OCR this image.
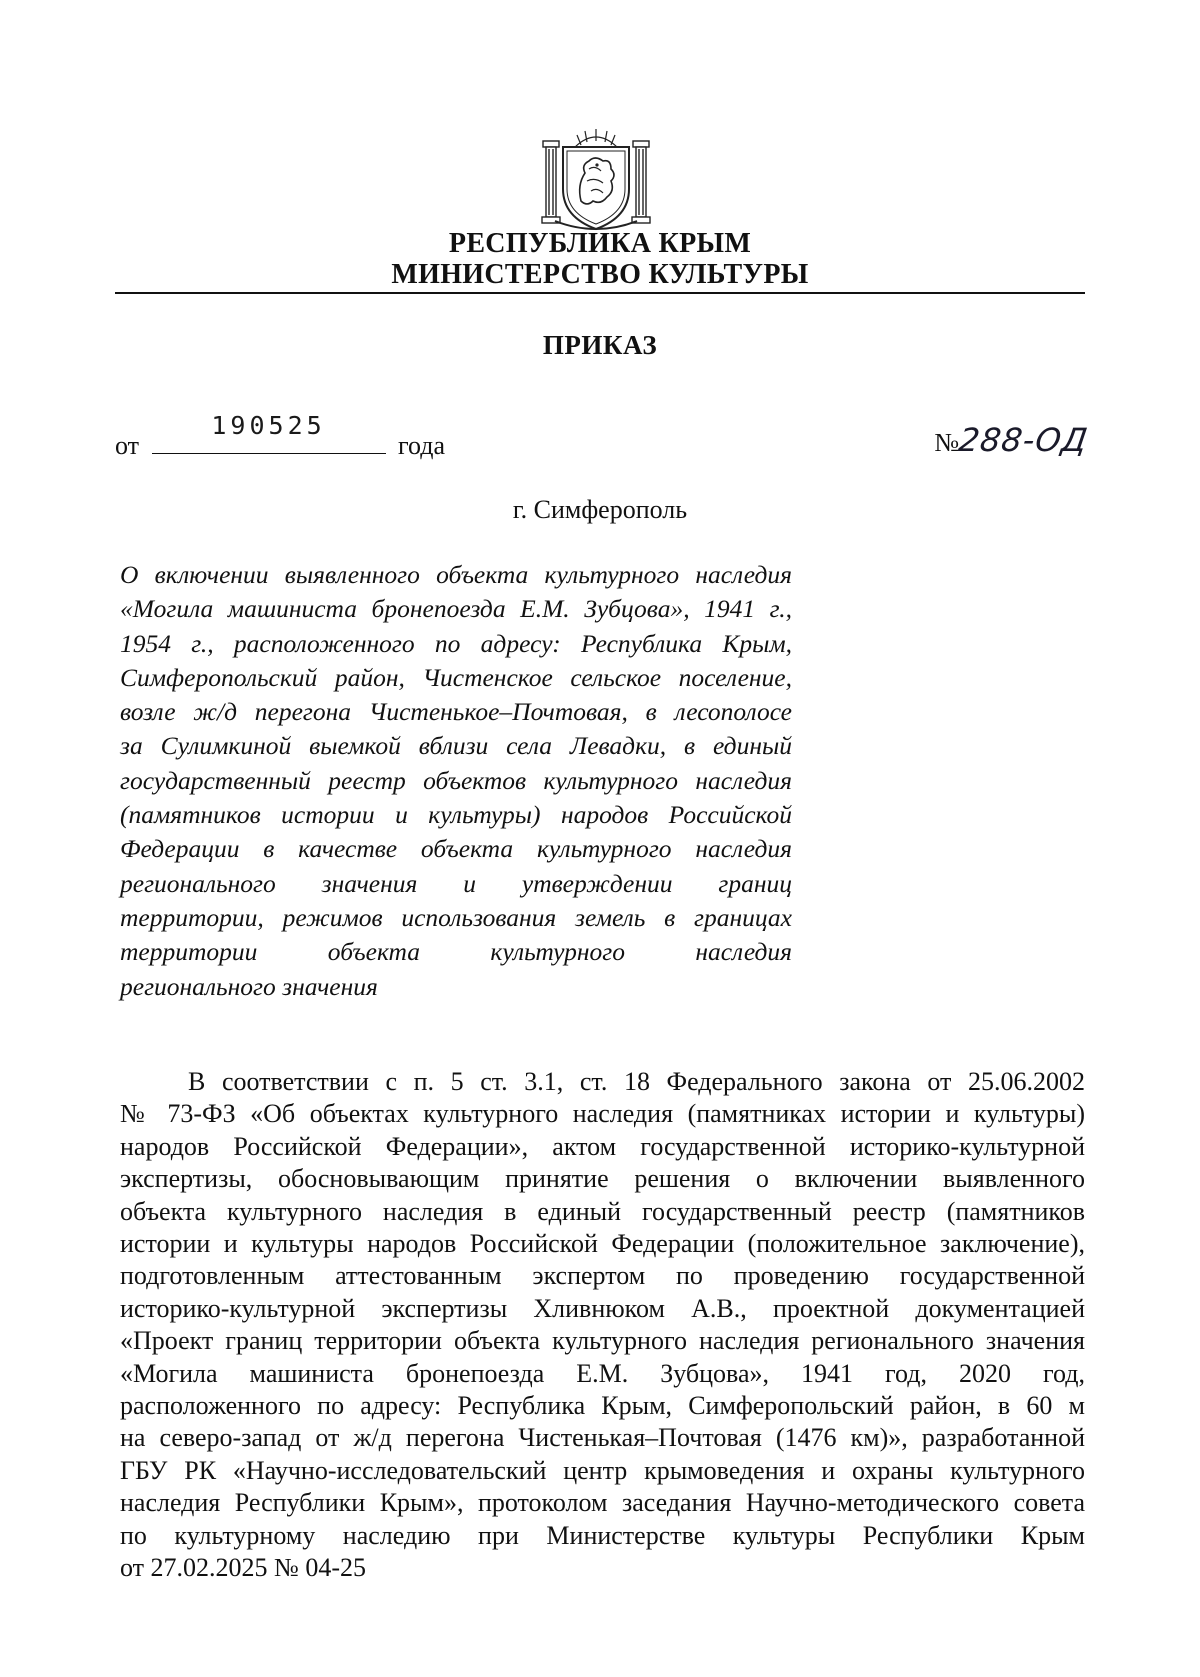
РЕСПУБЛИКА КРЫМ
МИНИСТЕРСТВО КУЛЬТУРЫ
ПРИКАЗ
от
190525
года	№288-ОД
г. Симферополь
О включении выявленного объекта культурного наследия
«Могила машиниста бронепоезда Е.М. Зубцова», 1941 г.,
1954 г., расположенного по адресу: Республика Крым,
Симферопольский район, Чистенское сельское поселение,
возле ж/д перегона Чистенькое–Почтовая, в лесополосе
за Сулимкиной выемкой вблизи села Левадки, в единый
государственный реестр объектов культурного наследия
(памятников истории и культуры) народов Российской
Федерации в качестве объекта культурного наследия
регионального значения и утверждении границ
территории, режимов использования земель в границах
территории объекта культурного наследия
регионального значения
В соответствии с п. 5 ст. 3.1, ст. 18 Федерального закона от 25.06.2002
№ 73-ФЗ «Об объектах культурного наследия (памятниках истории и культуры)
народов Российской Федерации», актом государственной историко-культурной
экспертизы, обосновывающим принятие решения о включении выявленного
объекта культурного наследия в единый государственный реестр (памятников
истории и культуры народов Российской Федерации (положительное заключение),
подготовленным аттестованным экспертом по проведению государственной
историко-культурной экспертизы Хливнюком А.В., проектной документацией
«Проект границ территории объекта культурного наследия регионального значения
«Могила машиниста бронепоезда Е.М. Зубцова», 1941 год, 2020 год,
расположенного по адресу: Республика Крым, Симферопольский район, в 60 м
на северо-запад от ж/д перегона Чистенькая–Почтовая (1476 км)», разработанной
ГБУ РК «Научно-исследовательский центр крымоведения и охраны культурного
наследия Республики Крым», протоколом заседания Научно-методического совета
по культурному наследию при Министерстве культуры Республики Крым
от 27.02.2025 № 04-25
